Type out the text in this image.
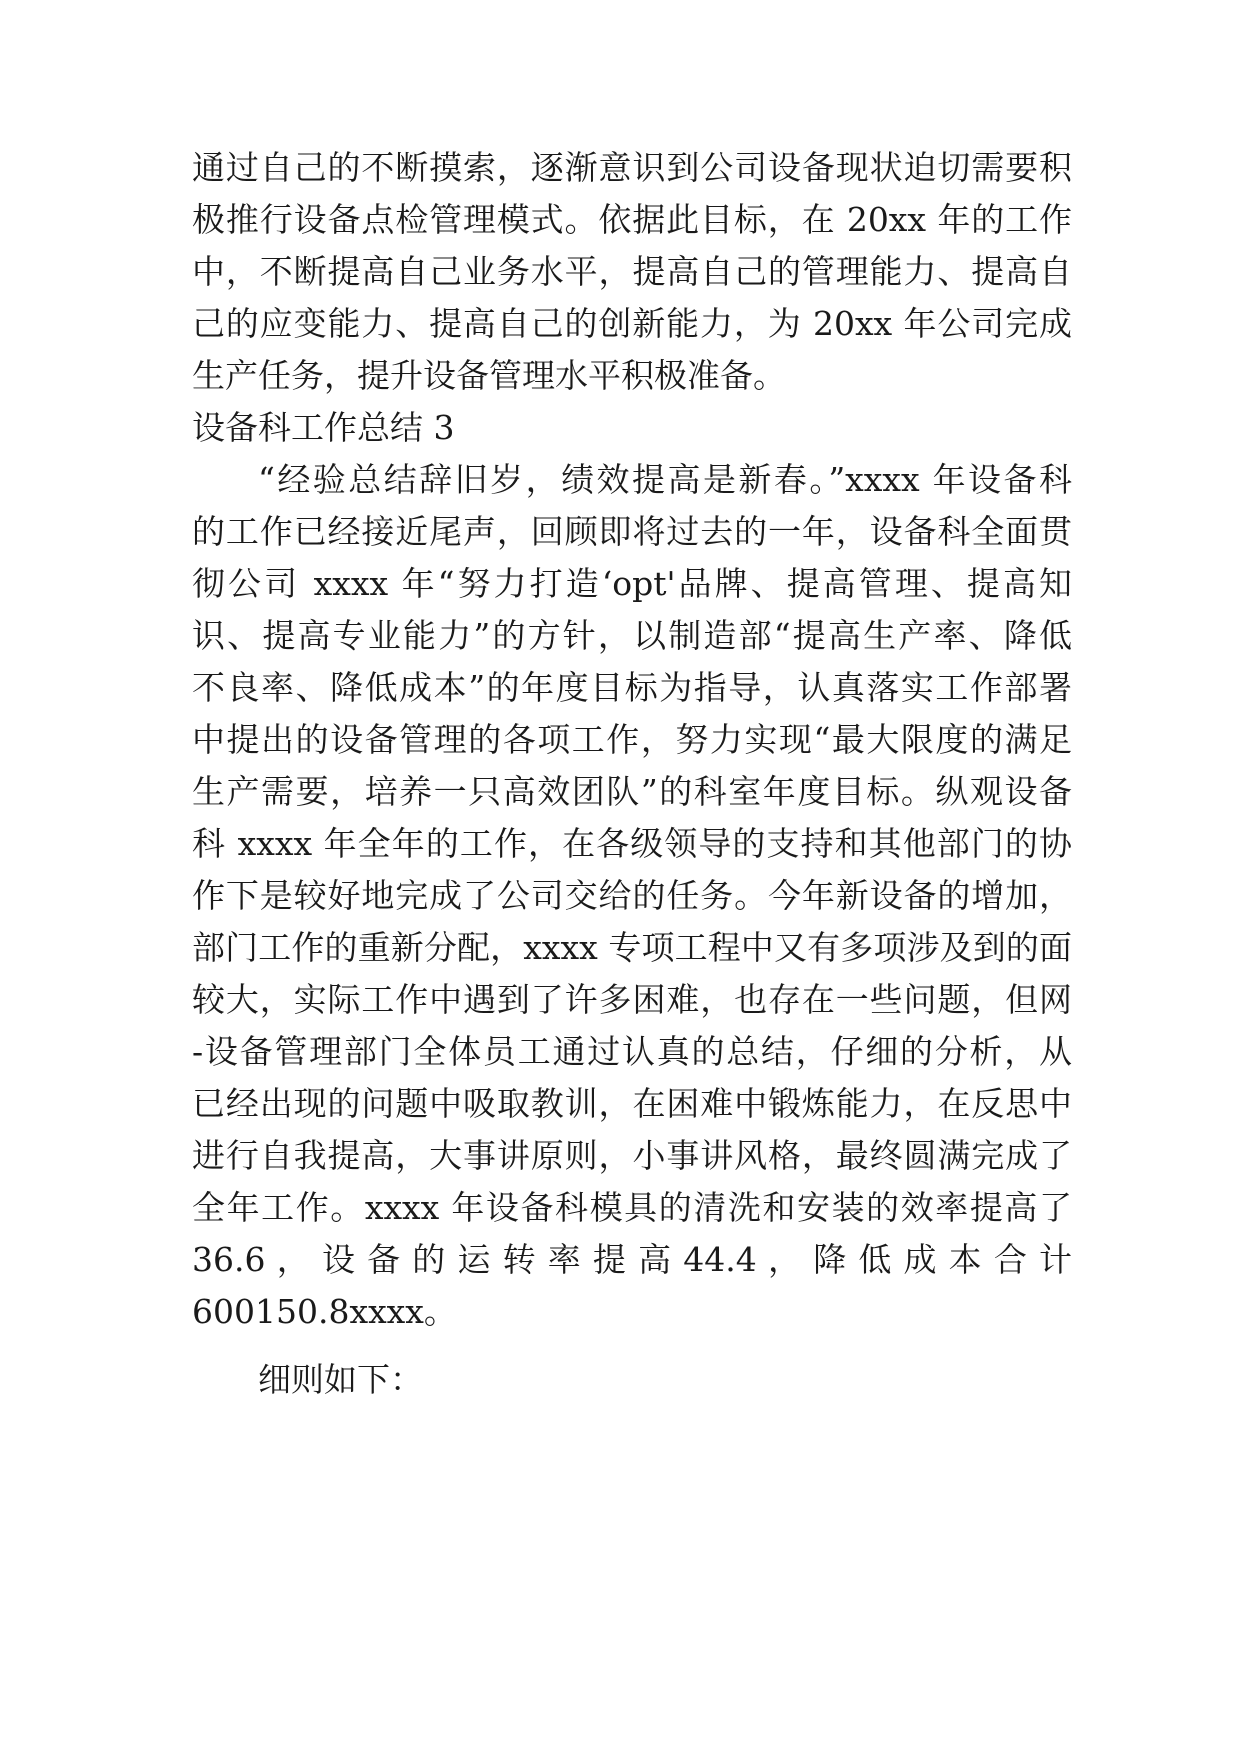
通过自己的不断摸索，逐渐意识到公司设备现状迫切需要积
极推行设备点检管理模式。依据此目标，在 20xx 年的工作
中，不断提高自己业务水平，提高自己的管理能力、提高自
己的应变能力、提高自己的创新能力，为 20xx 年公司完成
生产任务，提升设备管理水平积极准备。
设备科工作总结 3
“经验总结辞旧岁，绩效提高是新春。”xxxx 年设备科
的工作已经接近尾声，回顾即将过去的一年，设备科全面贯
彻公司 xxxx 年“努力打造‘opt'品牌、提高管理、提高知
识、提高专业能力”的方针，以制造部“提高生产率、降低
不良率、降低成本”的年度目标为指导，认真落实工作部署
中提出的设备管理的各项工作，努力实现“最大限度的满足
生产需要，培养一只高效团队”的科室年度目标。纵观设备
科 xxxx 年全年的工作，在各级领导的支持和其他部门的协
作下是较好地完成了公司交给的任务。今年新设备的增加，
部门工作的重新分配，xxxx 专项工程中又有多项涉及到的面
较大，实际工作中遇到了许多困难，也存在一些问题，但网
-设备管理部门全体员工通过认真的总结，仔细的分析，从
已经出现的问题中吸取教训，在困难中锻炼能力，在反思中
进行自我提高，大事讲原则，小事讲风格，最终圆满完成了
全年工作。xxxx 年设备科模具的清洗和安装的效率提高了
36.6 ， 设 备 的 运 转 率 提 高 44.4 ， 降 低 成 本 合 计
600150.8xxxx。
细则如下：
